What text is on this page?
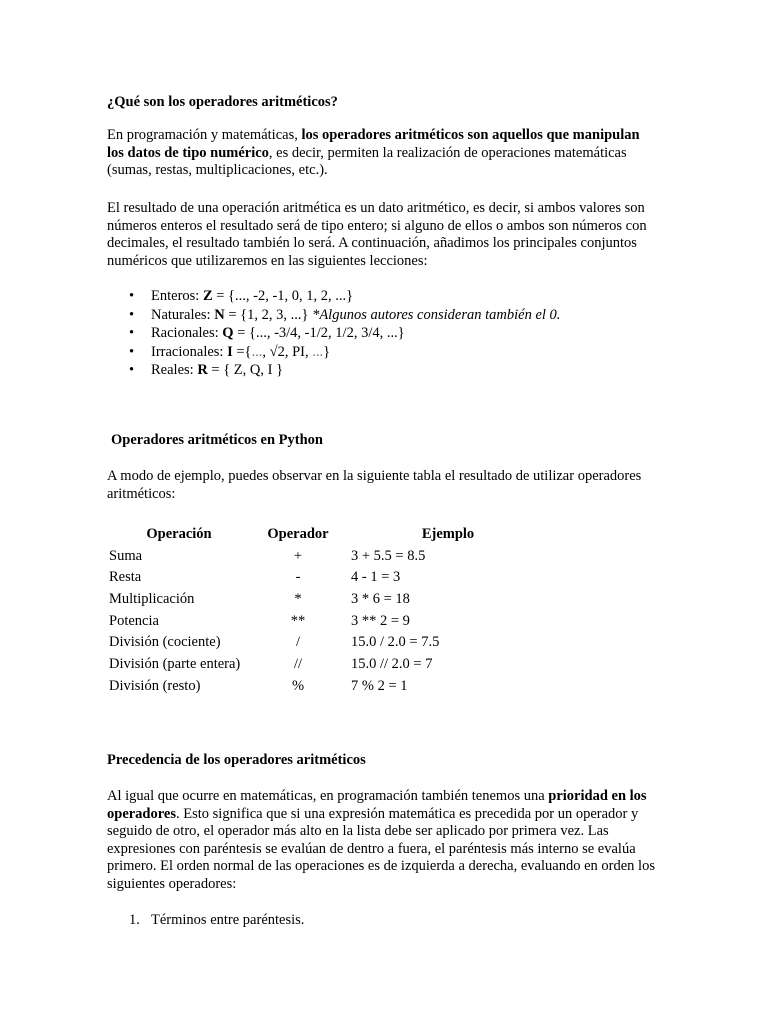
¿Qué son los operadores aritméticos?
En programación y matemáticas, los operadores aritméticos son aquellos que manipulan los datos de tipo numérico, es decir, permiten la realización de operaciones matemáticas (sumas, restas, multiplicaciones, etc.).
El resultado de una operación aritmética es un dato aritmético, es decir, si ambos valores son números enteros el resultado será de tipo entero; si alguno de ellos o ambos son números con decimales, el resultado también lo será. A continuación, añadimos los principales conjuntos numéricos que utilizaremos en las siguientes lecciones:
• Enteros: Z = {..., -2, -1, 0, 1, 2, ...}
• Naturales: N = {1, 2, 3, ...} *Algunos autores consideran también el 0.
• Racionales: Q = {..., -3/4, -1/2, 1/2, 3/4, ...}
• Irracionales: I ={..., √2, PI, ...}
• Reales: R = { Z, Q, I }
Operadores aritméticos en Python
A modo de ejemplo, puedes observar en la siguiente tabla el resultado de utilizar operadores aritméticos:
Operación	Operador	Ejemplo
Suma	+	3 + 5.5 = 8.5
Resta	-	4 - 1 = 3
Multiplicación	*	3 * 6 = 18
Potencia	**	3 ** 2 = 9
División (cociente)	/	15.0 / 2.0 = 7.5
División (parte entera)	//	15.0 // 2.0 = 7
División (resto)	%	7 % 2 = 1
Precedencia de los operadores aritméticos
Al igual que ocurre en matemáticas, en programación también tenemos una prioridad en los operadores. Esto significa que si una expresión matemática es precedida por un operador y seguido de otro, el operador más alto en la lista debe ser aplicado por primera vez. Las expresiones con paréntesis se evalúan de dentro a fuera, el paréntesis más interno se evalúa primero. El orden normal de las operaciones es de izquierda a derecha, evaluando en orden los siguientes operadores:
1. Términos entre paréntesis.
